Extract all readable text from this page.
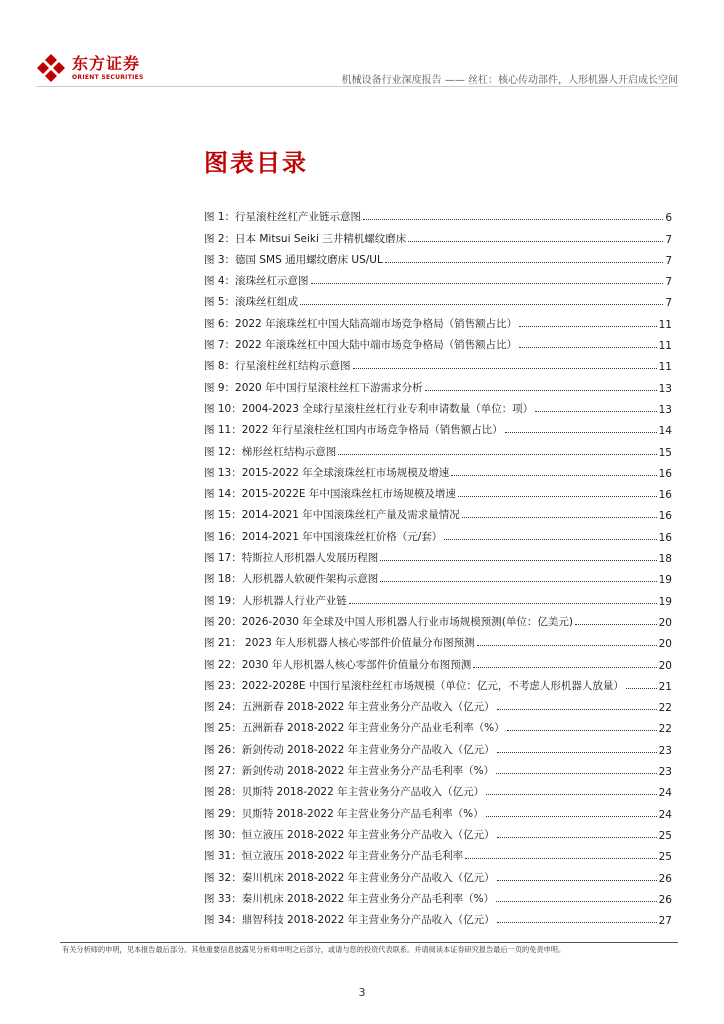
东方证券
ORIENT SECURITIES	机械设备行业深度报告 —— 丝杠：核心传动部件，人形机器人开启成长空间
图表目录
图 1：行星滚柱丝杠产业链示意图	6
图 2：日本 Mitsui Seiki 三井精机螺纹磨床	7
图 3：德国 SMS 通用螺纹磨床 US/UL	7
图 4：滚珠丝杠示意图	7
图 5：滚珠丝杠组成	7
图 6：2022 年滚珠丝杠中国大陆高端市场竞争格局（销售额占比）	11
图 7：2022 年滚珠丝杠中国大陆中端市场竞争格局（销售额占比）	11
图 8：行星滚柱丝杠结构示意图	11
图 9：2020 年中国行星滚柱丝杠下游需求分析	13
图 10：2004-2023 全球行星滚柱丝杠行业专利申请数量（单位：项）	13
图 11：2022 年行星滚柱丝杠国内市场竞争格局（销售额占比）	14
图 12：梯形丝杠结构示意图	15
图 13：2015-2022 年全球滚珠丝杠市场规模及增速	16
图 14：2015-2022E 年中国滚珠丝杠市场规模及增速	16
图 15：2014-2021 年中国滚珠丝杠产量及需求量情况	16
图 16：2014-2021 年中国滚珠丝杠价格（元/套）	16
图 17：特斯拉人形机器人发展历程图	18
图 18：人形机器人软硬件架构示意图	19
图 19：人形机器人行业产业链	19
图 20：2026-2030 年全球及中国人形机器人行业市场规模预测(单位：亿美元)	20
图 21： 2023 年人形机器人核心零部件价值量分布图预测	20
图 22：2030 年人形机器人核心零部件价值量分布图预测	20
图 23：2022-2028E 中国行星滚柱丝杠市场规模（单位：亿元，不考虑人形机器人放量）	21
图 24：五洲新春 2018-2022 年主营业务分产品收入（亿元）	22
图 25：五洲新春 2018-2022 年主营业务分产品业毛利率（%）	22
图 26：新剑传动 2018-2022 年主营业务分产品收入（亿元）	23
图 27：新剑传动 2018-2022 年主营业务分产品毛利率（%）	23
图 28：贝斯特 2018-2022 年主营业务分产品收入（亿元）	24
图 29：贝斯特 2018-2022 年主营业务分产品毛利率（%）	24
图 30：恒立液压 2018-2022 年主营业务分产品收入（亿元）	25
图 31：恒立液压 2018-2022 年主营业务分产品毛利率	25
图 32：秦川机床 2018-2022 年主营业务分产品收入（亿元）	26
图 33：秦川机床 2018-2022 年主营业务分产品毛利率（%）	26
图 34：鼎智科技 2018-2022 年主营业务分产品收入（亿元）	27
有关分析师的申明，见本报告最后部分。其他重要信息披露见分析师申明之后部分，或请与您的投资代表联系。并请阅读本证券研究报告最后一页的免责申明。
3
